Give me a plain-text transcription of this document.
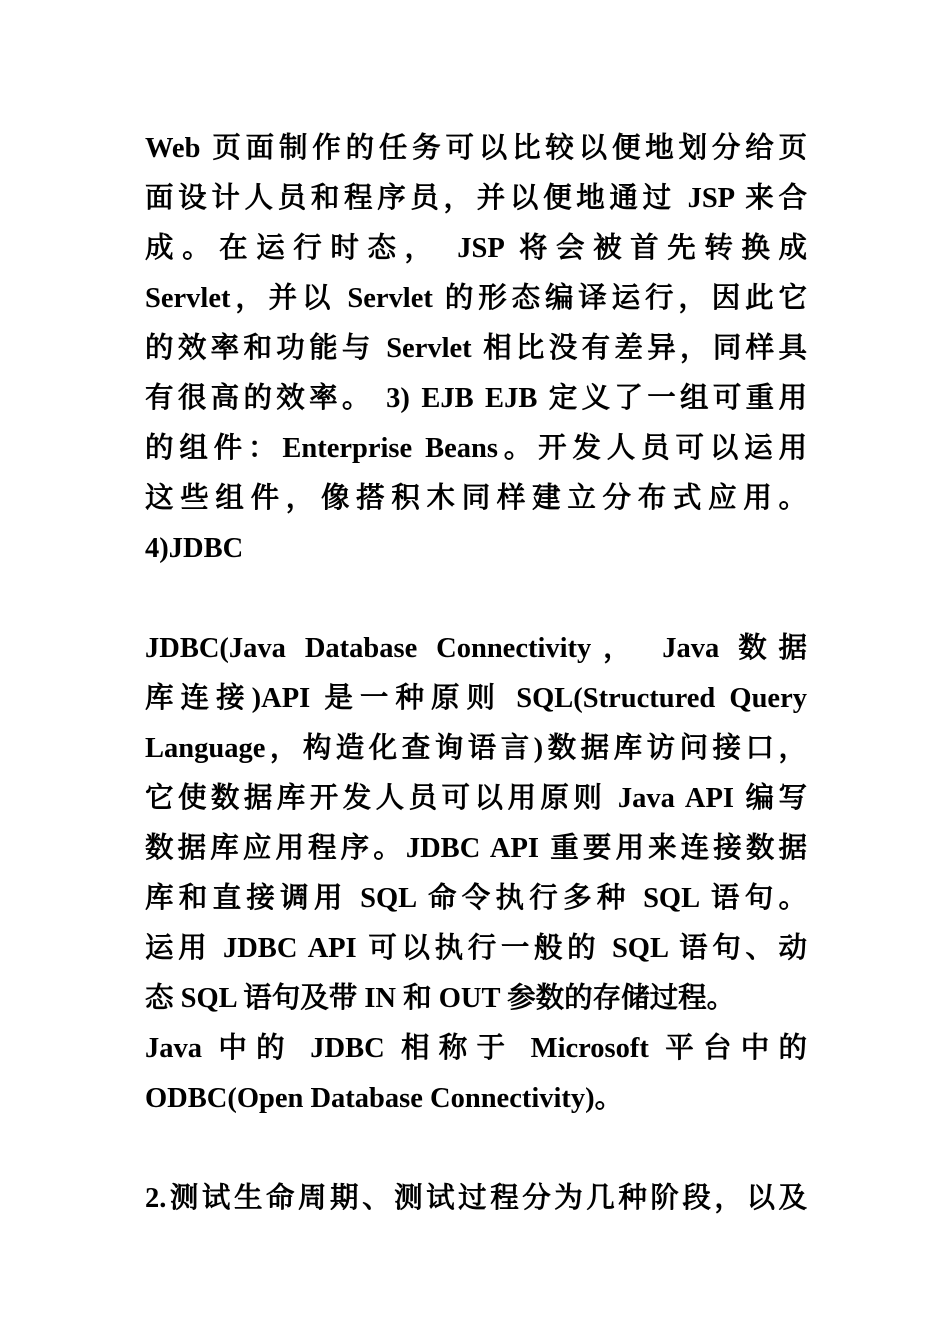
Web 页面制作的任务可以比较以便地划分给页
面设计人员和程序员，并以便地通过 JSP 来合
成。在运行时态， JSP 将会被首先转换成
Servlet，并以 Servlet 的形态编译运行，因此它
的效率和功能与 Servlet 相比没有差异，同样具
有很高的效率。 3) EJB EJB 定义了一组可重用
的组件：Enterprise Beans。开发人员可以运用
这些组件，像搭积木同样建立分布式应用。
4)JDBC
JDBC(Java Database Connectivity， Java 数据
库连接)API 是一种原则 SQL(Structured Query
Language，构造化查询语言)数据库访问接口，
它使数据库开发人员可以用原则 Java API 编写
数据库应用程序。JDBC API 重要用来连接数据
库和直接调用 SQL 命令执行多种 SQL 语句。
运用 JDBC API 可以执行一般的 SQL 语句、动
态 SQL 语句及带 IN 和 OUT 参数的存储过程。
Java 中的 JDBC 相称于 Microsoft 平台中的
ODBC(Open Database Connectivity)。
2.测试生命周期、测试过程分为几种阶段，以及
